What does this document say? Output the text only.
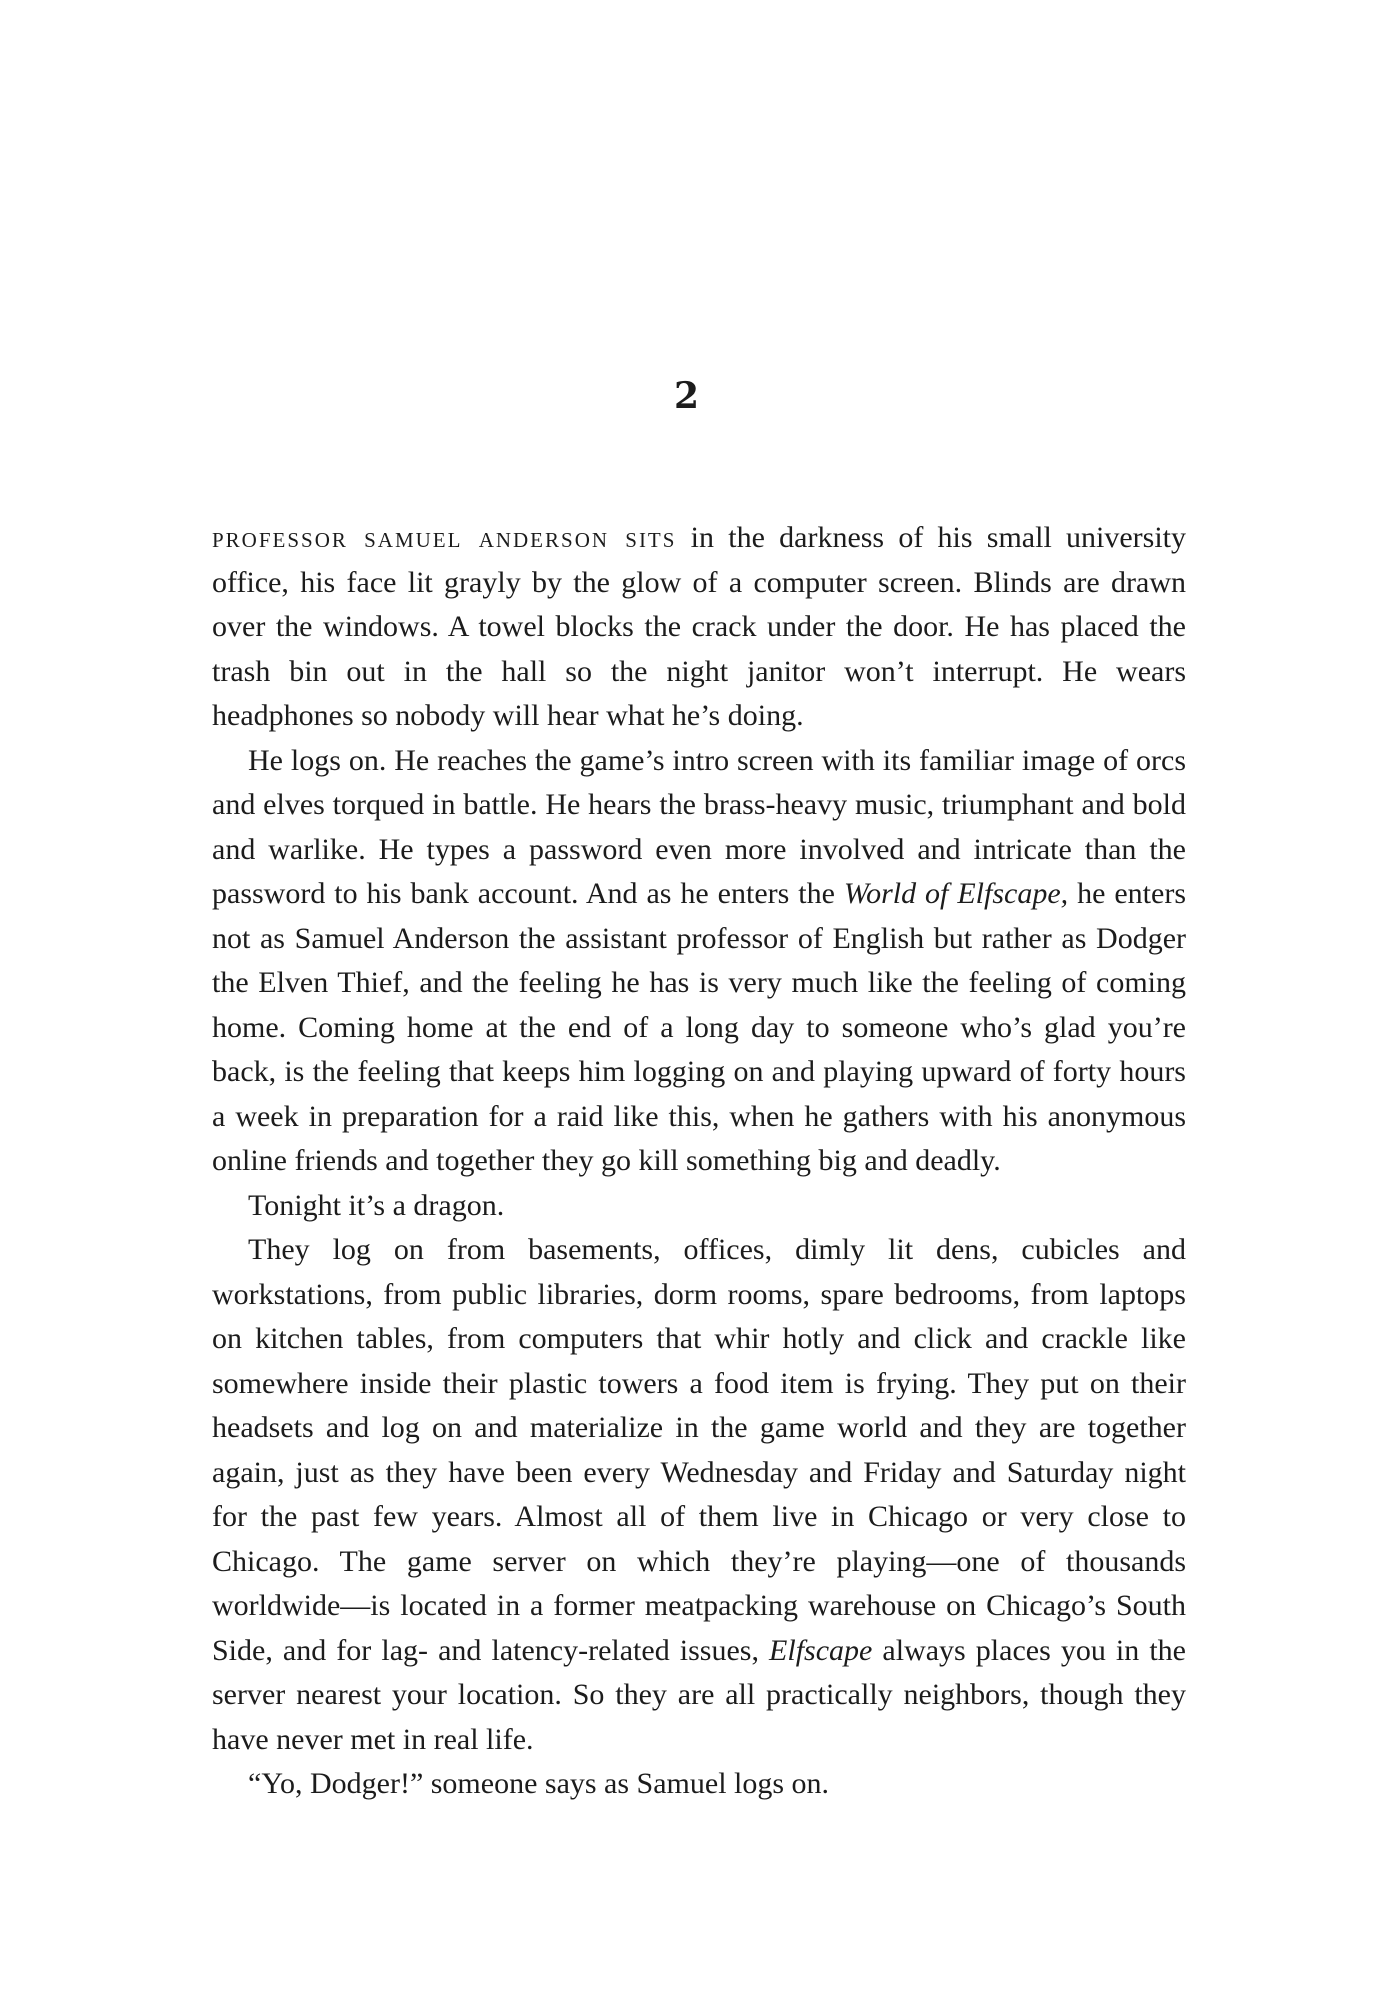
2

professor samuel anderson sits in the darkness of his small university office, his face lit grayly by the glow of a computer screen. Blinds are drawn over the windows. A towel blocks the crack under the door. He has placed the trash bin out in the hall so the night janitor won’t interrupt. He wears headphones so nobody will hear what he’s doing.

He logs on. He reaches the game’s intro screen with its familiar image of orcs and elves torqued in battle. He hears the brass-heavy music, triumphant and bold and warlike. He types a password even more involved and intricate than the password to his bank account. And as he enters the World of Elfscape, he enters not as Samuel Anderson the assistant professor of English but rather as Dodger the Elven Thief, and the feeling he has is very much like the feeling of coming home. Coming home at the end of a long day to someone who’s glad you’re back, is the feeling that keeps him logging on and playing upward of forty hours a week in preparation for a raid like this, when he gathers with his anonymous online friends and together they go kill something big and deadly.

Tonight it’s a dragon.

They log on from basements, offices, dimly lit dens, cubicles and workstations, from public libraries, dorm rooms, spare bedrooms, from laptops on kitchen tables, from computers that whir hotly and click and crackle like somewhere inside their plastic towers a food item is frying. They put on their headsets and log on and materialize in the game world and they are together again, just as they have been every Wednesday and Friday and Saturday night for the past few years. Almost all of them live in Chicago or very close to Chicago. The game server on which they’re playing—one of thousands worldwide—is located in a former meatpacking warehouse on Chicago’s South Side, and for lag- and latency-related issues, Elfscape always places you in the server nearest your location. So they are all practically neighbors, though they have never met in real life.

“Yo, Dodger!” someone says as Samuel logs on.
